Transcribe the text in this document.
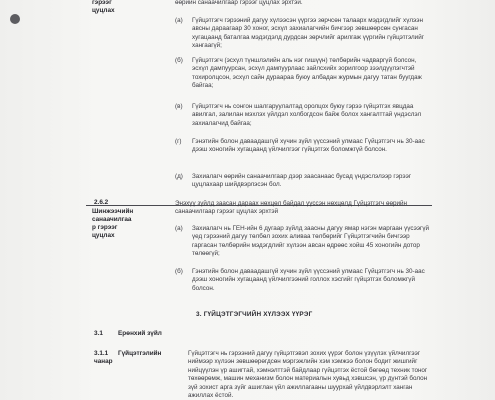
гэрээг
цуцлах
өөрийн санаачилгаар гэрээг цуцлах эрхтэй.
(а) Гүйцэтгэгч гэрээний дагуу хүлээсэн үүргээ зөрчсөн талаарх мэдэгдлийг хүлээн авсны дараагаар 30 хоног, эсхүл захиалагчийн бичгээр зөвшөөрсөн сунгасан хугацаанд баталгаа мэдэгдэлд дурдсан зөрчлийг арилгаж үүргийн гүйцэтгэлийг хангаагүй;
(б) Гүйцэтгэгч (эсхүл түншлэлийн аль нэг гишүүн) төлбөрийн чадваргүй болсон, эсхүл дампуурсан, эсхүл дампуурлаас зайлсхийх зорилгоор зээлдүүлэгчтэй тохиролцсон, эсхүл сайн дураараа буюу албадан журмын дагуу татан буугдаж байгаа;
(в) Гүйцэтгэгч нь сонгон шалгаруулалтад оролцох буюу гэрээ гүйцэтгэх явцдаа авилгал, залилан мэхлэх үйлдэл холбогдсон байж болох хангалттай үндэслэл захиалагчид байгаа;
(г) Гэнэтийн болон даваадашгүй хүчин зүйл үүссэний улмаас Гүйцэтгэгч нь 30-аас дээш хоногийн хугацаанд үйлчилгээг гүйцэтгэх боломжгүй болсон.
(д) Захиалагч өөрийн санаачилгаар дээр заасанаас бусад үндэслэлээр гэрээг цуцлахаар шийдвэрлэсэн бол.
2.6.2
Шинжээчийн
санаачилгаа
р гэрээг
цуцлах
Энэхүү зүйлд заасан дараах нөхцөл байдал үүссэн нөхцөлд Гүйцэтгэгч өөрийн санаачилгаар гэрээг цуцлах эрхтэй
(а) Захиалагч нь ГЕН-ийн 6 дугаар зүйлд заасны дагуу ямар нэгэн маргаан үүсээгүй үед гэрээний дагуу төлбөл зохих аливаа төлбөрийг Гүйцэтгэгчийн бичгээр гаргасан төлбөрийн мэдэгдлийг хүлээн авсан өдрөөс хойш 45 хоногийн дотор төлөөгүй;
(б) Гэнэтийн болон даваадашгүй хүчин зүйл үүссэний улмаас Гүйцэтгэгч нь 30-аас дээш хоногийн хугацаанд үйлчилгээний голлох хэсгийг гүйцэтгэх боломжгүй болсон.
3. ГҮЙЦЭТГЭГЧИЙН ХҮЛЭЭХ ҮҮРЭГ
3.1 Ерөнхий зүйл
3.1.1 Гүйцэтгэлийн
чанар
Гүйцэтгэгч нь гэрээний дагуу гүйцэтгэвэл зохих үүрэг болон үзүүлэх үйлчилгээг ниймээр хүлээн зөвшөөрөгдсөн мэргэжлийн хэм хэмжээ болон бодит жишгийг нийцүүлэн үр ашигтай, хэмнэлттэй байдлаар гүйцэтгэх ёстой бөгөөд техник тоног төхөөрөмж, машин механизм болон материалын хувьд хэвшсэн, үр дүнтэй болон зүй зохист арга зүйг ашиглан үйл ажиллагааны шуурхай үйлдвэрлэлт ханган ажиллах ёстой.
